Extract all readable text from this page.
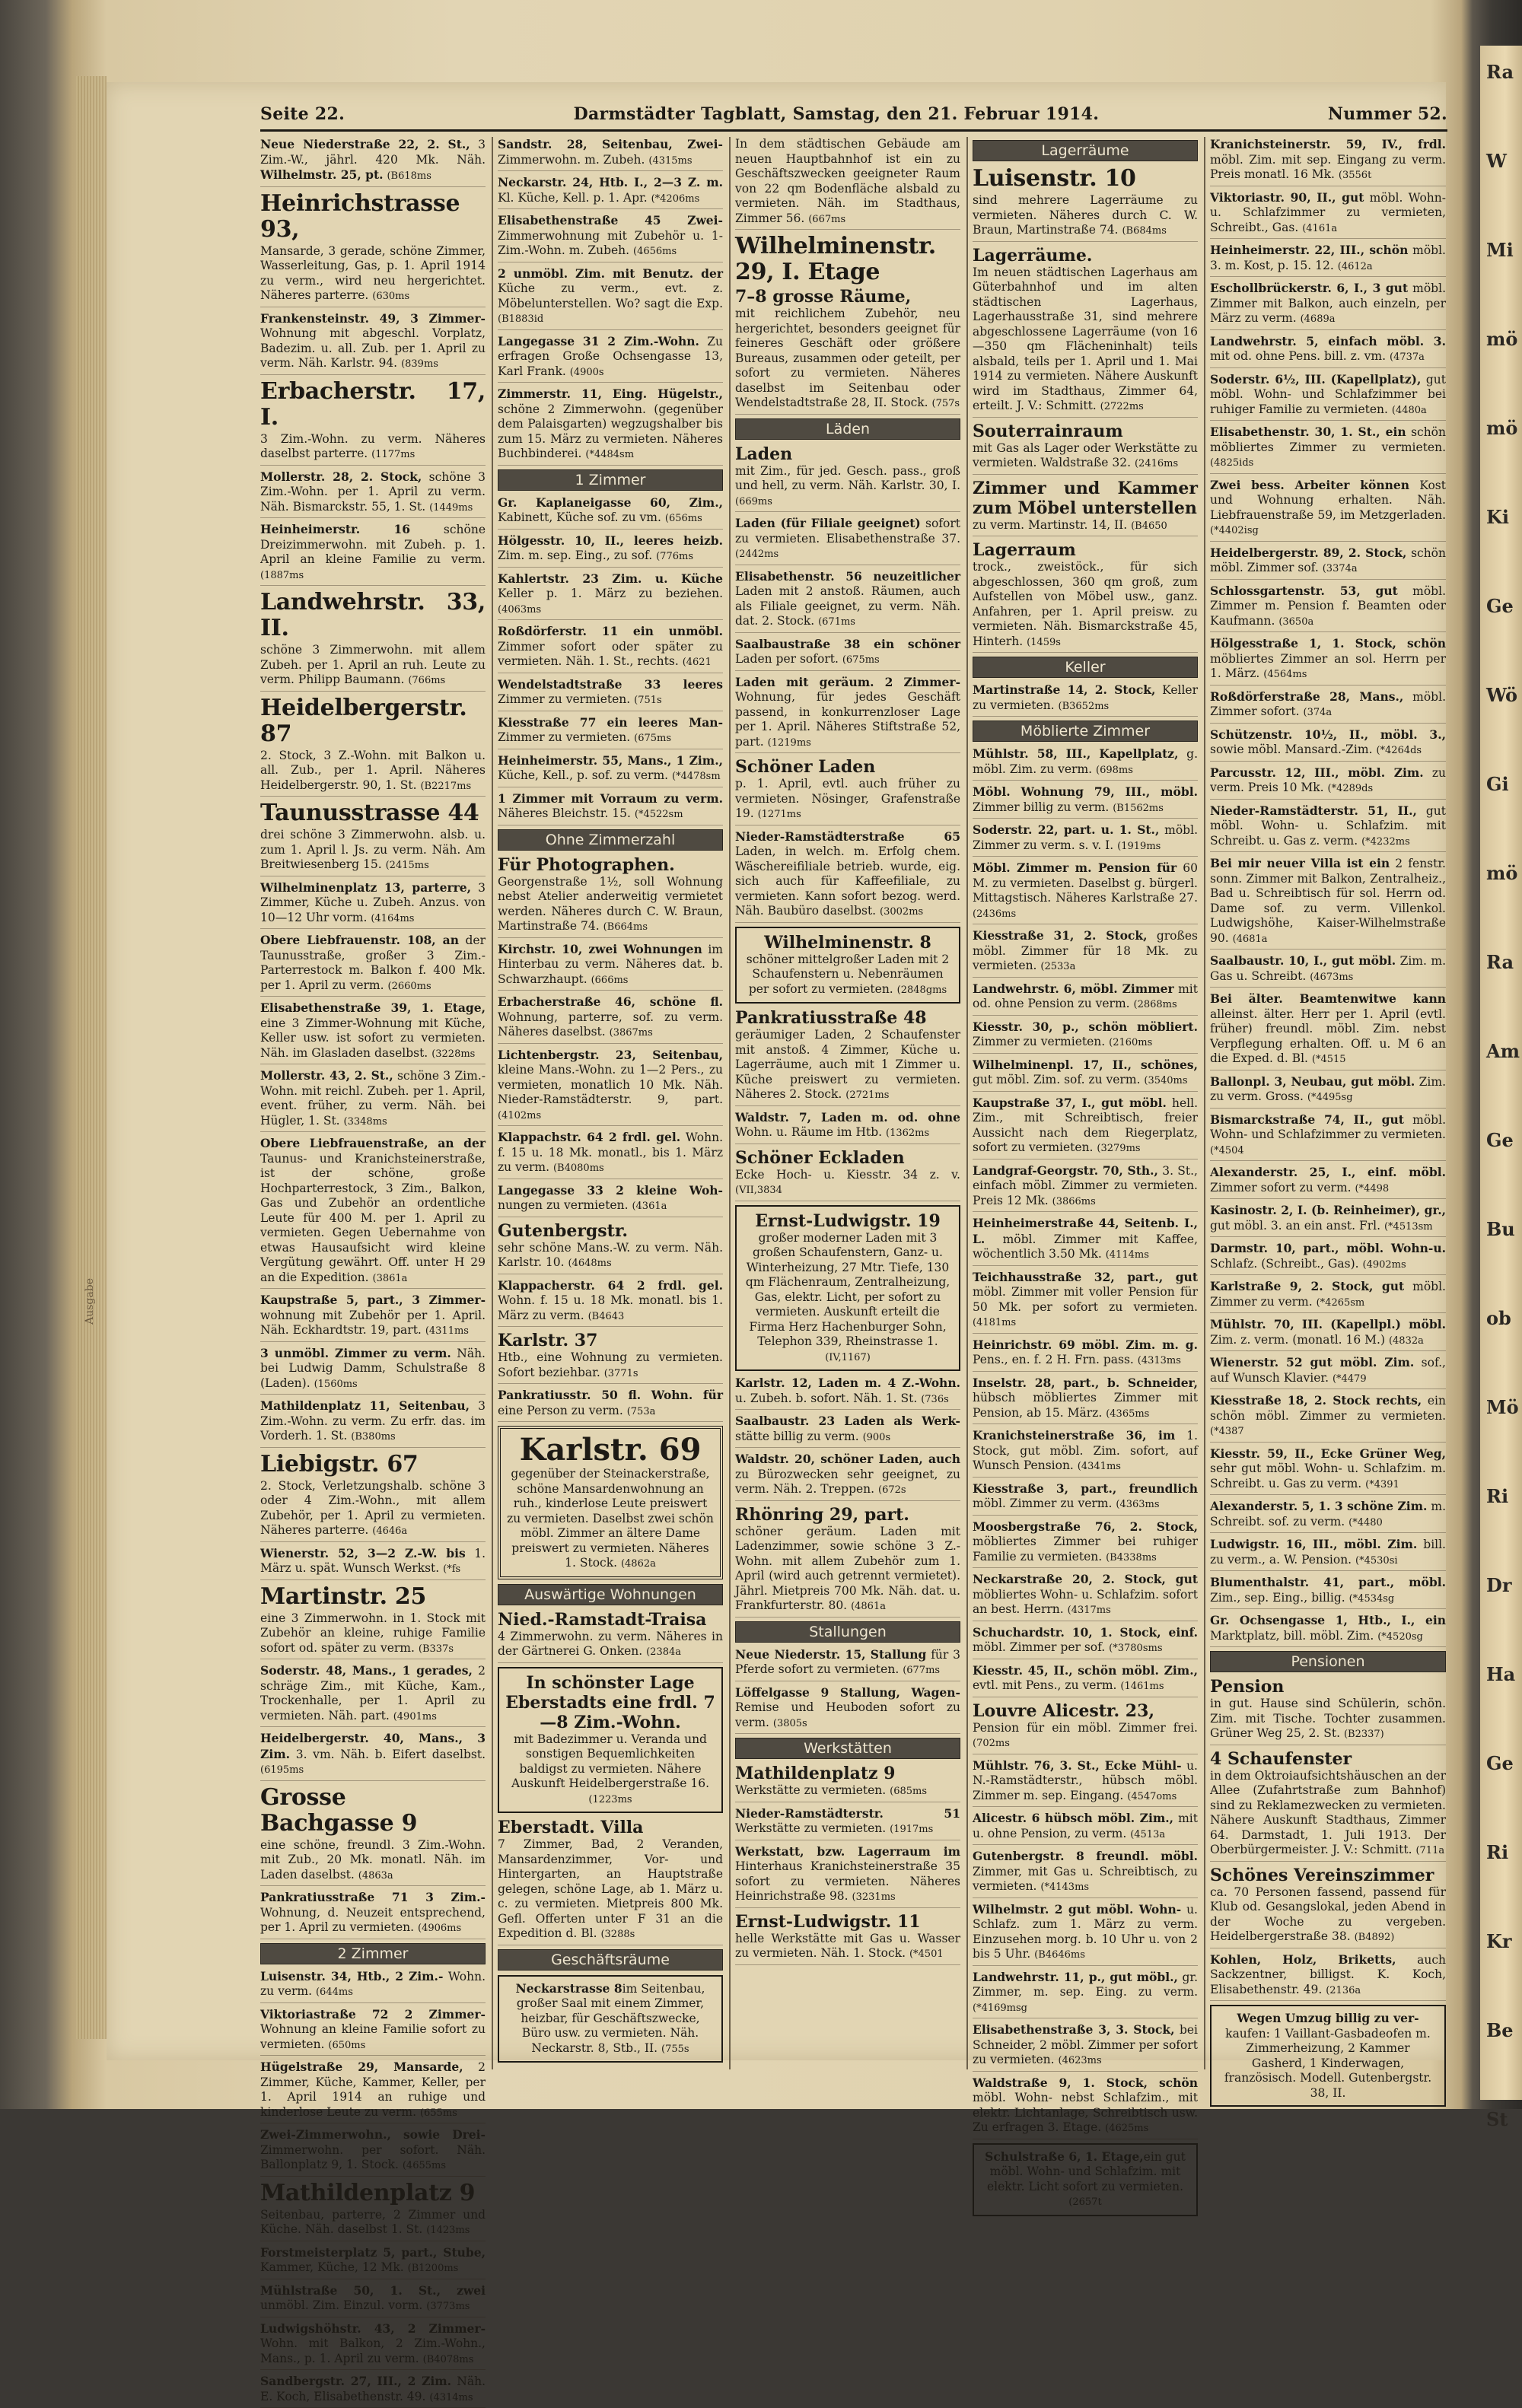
Ra
W
Mi
mö
mö
Ki
Ge
Wö
Gi
mö
Ra
Am
Ge
Bu
ob
Mö
Ri
Dr
Ha
Ge
Ri
Kr
Be
St
Seite 22.	Darmstädter Tagblatt, Samstag, den 21. Februar 1914.	Nummer 52.
Neue Niederstraße 22, 2. St., 3 Zim.-W., jährl. 420 Mk. Näh. Wilhelmstr. 25, pt. (B618ms
Heinrichstrasse 93,
Mansarde, 3 gerade, schöne Zimmer, Wasserleitung, Gas, p. 1. April 1914 zu verm., wird neu hergerichtet. Näheres parterre. (630ms
Frankensteinstr. 49, 3 Zimmer- Wohnung mit abgeschl. Vorplatz, Badezim. u. all. Zub. per 1. April zu verm. Näh. Karlstr. 94. (839ms
Erbacherstr. 17, I.
3 Zim.-Wohn. zu verm. Näheres daselbst parterre. (1177ms
Mollerstr. 28, 2. Stock, schöne 3 Zim.-Wohn. per 1. April zu verm. Näh. Bismarckstr. 55, 1. St. (1449ms
Heinheimerstr. 16	schöne Dreizimmerwohn. mit Zubeh. p. 1. April an kleine Familie zu verm. (1887ms
Landwehrstr. 33, II.
schöne 3 Zimmerwohn. mit allem Zubeh. per 1. April an ruh. Leute zu verm. Philipp Baumann. (766ms
Heidelbergerstr. 87
2. Stock, 3 Z.-Wohn. mit Balkon u. all. Zub., per 1. April. Näheres Heidelbergerstr. 90, 1. St. (B2217ms
Taunusstrasse 44
drei schöne 3 Zimmerwohn. alsb. u. zum 1. April l. Js. zu verm. Näh. Am Breitwiesenberg 15. (2415ms
Wilhelminenplatz 13, parterre, 3 Zimmer, Küche u. Zubeh. Anzus. von 10—12 Uhr vorm. (4164ms
Obere Liebfrauenstr. 108, an der Taunusstraße, großer 3 Zim.-Parterrestock m. Balkon f. 400 Mk. per 1. April zu verm. (2660ms
Elisabethenstraße 39, 1. Etage, eine 3 Zimmer-Wohnung mit Küche, Keller usw. ist sofort zu vermieten. Näh. im Glasladen daselbst. (3228ms
Mollerstr. 43, 2. St., schöne 3 Zim.-Wohn. mit reichl. Zubeh. per 1. April, event. früher, zu verm. Näh. bei Hügler, 1. St. (3348ms
Obere Liebfrauenstraße, an der Taunus- und Kranichsteinerstraße, ist der schöne, große Hochparterrestock, 3 Zim., Balkon, Gas und Zubehör an ordentliche Leute für 400 M. per 1. April zu vermieten. Gegen Uebernahme von etwas Hausaufsicht wird kleine Vergütung gewährt. Off. unter H 29 an die Expedition. (3861a
Kaupstraße 5, part., 3 Zimmer- wohnung mit Zubehör per 1. April. Näh. Eckhardtstr. 19, part. (4311ms
3 unmöbl. Zimmer zu verm. Näh. bei Ludwig Damm, Schulstraße 8 (Laden). (1560ms
Mathildenplatz 11, Seitenbau, 3 Zim.-Wohn. zu verm. Zu erfr. das. im Vorderh. 1. St. (B380ms
Liebigstr. 67
2. Stock, Verletzungshalb. schöne 3 oder 4 Zim.-Wohn., mit allem Zubehör, per 1. April zu vermieten. Näheres parterre. (4646a
Wienerstr. 52, 3—2 Z.-W. bis 1. März u. spät. Wunsch Werkst. (*fs
Martinstr. 25
eine 3 Zimmerwohn. in 1. Stock mit Zubehör an kleine, ruhige Familie sofort od. später zu verm. (B337s
Soderstr. 48, Mans., 1 gerades, 2 schräge Zim., mit Küche, Kam., Trockenhalle, per 1. April zu vermieten. Näh. part. (4901ms
Heidelbergerstr. 40, Mans., 3 Zim. 3. vm. Näh. b. Eifert daselbst. (6195ms
Grosse Bachgasse 9
eine schöne, freundl. 3 Zim.-Wohn. mit Zub., 20 Mk. monatl. Näh. im Laden daselbst. (4863a
Pankratiusstraße 71 3 Zim.- Wohnung, d. Neuzeit entsprechend, per 1. April zu vermieten. (4906ms
2 Zimmer
Luisenstr. 34, Htb., 2 Zim.- Wohn. zu verm. (644ms
Viktoriastraße 72 2 Zimmer- Wohnung an kleine Familie sofort zu vermieten. (650ms
Hügelstraße 29, Mansarde, 2 Zimmer, Küche, Kammer, Keller, per 1. April 1914 an ruhige und kinderlose Leute zu verm. (655ms
Zwei-Zimmerwohn., sowie Drei- Zimmerwohn. per sofort. Näh. Ballonplatz 9, 1. Stock. (4655ms
Mathildenplatz 9
Seitenbau, parterre, 2 Zimmer und Küche. Näh. daselbst 1. St. (1423ms
Forstmeisterplatz 5, part., Stube, Kammer, Küche, 12 Mk. (B1200ms
Mühlstraße 50, 1. St., zwei unmöbl. Zim. Einzul. vorm. (3773ms
Ludwigshöhstr. 43, 2 Zimmer- Wohn. mit Balkon, 2 Zim.-Wohn., Mans., p. 1. April zu verm. (B4078ms
Sandbergstr. 27, III., 2 Zim. Näh. E. Koch, Elisabethenstr. 49. (4314ms
Sandstr. 28, Seitenbau, Zwei- Zimmerwohn. m. Zubeh. (4315ms
Neckarstr. 24, Htb. I., 2—3 Z. m. Kl. Küche, Kell. p. 1. Apr. (*4206ms
Elisabethenstraße 45 Zwei- Zimmerwohnung mit Zubehör u. 1-Zim.-Wohn. m. Zubeh. (4656ms
2 unmöbl. Zim. mit Benutz. der Küche zu verm., evt. z. Möbelunterstellen. Wo? sagt die Exp. (B1883id
Langegasse 31 2 Zim.-Wohn. Zu erfragen Große Ochsengasse 13, Karl Frank. (4900s
Zimmerstr. 11, Eing. Hügelstr., schöne 2 Zimmerwohn. (gegenüber dem Palaisgarten) wegzugshalber bis zum 15. März zu vermieten. Näheres Buchbinderei. (*4484sm
1 Zimmer
Gr. Kaplaneigasse 60, Zim., Kabinett, Küche sof. zu vm. (656ms
Hölgesstr. 10, II., leeres heizb. Zim. m. sep. Eing., zu sof. (776ms
Kahlertstr. 23 Zim. u. Küche Keller p. 1. März zu beziehen. (4063ms
Roßdörferstr. 11 ein unmöbl. Zimmer sofort oder später zu vermieten. Näh. 1. St., rechts. (4621
Wendelstadtstraße 33 leeres Zimmer zu vermieten. (751s
Kiesstraße 77 ein leeres Man- Zimmer zu vermieten. (675ms
Heinheimerstr. 55, Mans., 1 Zim., Küche, Kell., p. sof. zu verm. (*4478sm
1 Zimmer mit Vorraum zu verm. Näheres Bleichstr. 15. (*4522sm
Ohne Zimmerzahl
Für Photographen.
Georgenstraße 1½, soll Wohnung nebst Atelier anderweitig vermietet werden. Näheres durch C. W. Braun, Martinstraße 74. (B664ms
Kirchstr. 10, zwei Wohnungen im Hinterbau zu verm. Näheres dat. b. Schwarzhaupt. (666ms
Erbacherstraße 46, schöne fl. Wohnung, parterre, sof. zu verm. Näheres daselbst. (3867ms
Lichtenbergstr. 23, Seitenbau, kleine Mans.-Wohn. zu 1—2 Pers., zu vermieten, monatlich 10 Mk. Näh. Nieder-Ramstädterstr. 9, part. (4102ms
Klappachstr. 64 2 frdl. gel. Wohn. f. 15 u. 18 Mk. monatl., bis 1. März zu verm. (B4080ms
Langegasse 33 2 kleine Woh- nungen zu vermieten. (4361a
Gutenbergstr.
sehr schöne Mans.-W. zu verm. Näh. Karlstr. 10. (4648ms
Klappacherstr. 64 2 frdl. gel. Wohn. f. 15 u. 18 Mk. monatl. bis 1. März zu verm. (B4643
Karlstr. 37
Htb., eine Wohnung zu vermieten. Sofort beziehbar. (3771s
Pankratiusstr. 50 fl. Wohn. für eine Person zu verm. (753a
Karlstr. 69
gegenüber der Steinackerstraße, schöne Mansardenwohnung an ruh., kinderlose Leute preiswert zu vermieten. Daselbst zwei schön möbl. Zimmer an ältere Dame preiswert zu vermieten. Näheres 1. Stock. (4862a
Auswärtige Wohnungen
Nied.-Ramstadt-Traisa
4 Zimmerwohn. zu verm. Näheres in der Gärtnerei G. Onken. (2384a
In schönster Lage Eberstadts eine frdl. 7—8 Zim.-Wohn.
mit Badezimmer u. Veranda und sonstigen Bequemlichkeiten baldigst zu vermieten. Nähere Auskunft Heidelbergerstraße 16. (1223ms
Eberstadt. Villa
7 Zimmer, Bad, 2 Veranden, Mansardenzimmer, Vor- und Hintergarten, an Hauptstraße gelegen, schöne Lage, ab 1. März u. c. zu vermieten. Mietpreis 800 Mk. Gefl. Offerten unter F 31 an die Expedition d. Bl. (3288s
Geschäftsräume
Neckarstrasse 8im Seitenbau, großer Saal mit einem Zimmer, heizbar, für Geschäftszwecke, Büro usw. zu vermieten. Näh. Neckarstr. 8, Stb., II. (755s
In dem städtischen Gebäude am neuen Hauptbahnhof ist ein zu Geschäftszwecken geeigneter Raum von 22 qm Bodenfläche alsbald zu vermieten. Näh. im Stadthaus, Zimmer 56. (667ms
Wilhelminenstr. 29, I. Etage
7–8 grosse Räume,
mit reichlichem Zubehör, neu hergerichtet, besonders geeignet für feineres Geschäft oder größere Bureaus, zusammen oder geteilt, per sofort zu vermieten. Näheres daselbst im Seitenbau oder Wendelstadtstraße 28, II. Stock. (757s
Läden
Laden
mit Zim., für jed. Gesch. pass., groß und hell, zu verm. Näh. Karlstr. 30, I. (669ms
Laden (für Filiale geeignet) sofort zu vermieten. Elisabethenstraße 37. (2442ms
Elisabethenstr. 56 neuzeitlicher Laden mit 2 anstoß. Räumen, auch als Filiale geeignet, zu verm. Näh. dat. 2. Stock. (671ms
Saalbaustraße 38 ein schöner Laden per sofort. (675ms
Laden mit geräum. 2 Zimmer- Wohnung, für jedes Geschäft passend, in konkurrenzloser Lage per 1. April. Näheres Stiftstraße 52, part. (1219ms
Schöner Laden
p. 1. April, evtl. auch früher zu vermieten. Nösinger, Grafenstraße 19. (1271ms
Nieder-Ramstädterstraße 65 Laden, in welch. m. Erfolg chem. Wäschereifiliale betrieb. wurde, eig. sich auch für Kaffeefiliale, zu vermieten. Kann sofort bezog. werd. Näh. Baubüro daselbst. (3002ms
Wilhelminenstr. 8
schöner mittelgroßer Laden mit 2 Schaufenstern u. Nebenräumen per sofort zu vermieten. (2848gms
Pankratiusstraße 48
geräumiger Laden, 2 Schaufenster mit anstoß. 4 Zimmer, Küche u. Lagerräume, auch mit 1 Zimmer u. Küche preiswert zu vermieten. Näheres 2. Stock. (2721ms
Waldstr. 7, Laden m. od. ohne Wohn. u. Räume im Htb. (1362ms
Schöner Eckladen
Ecke Hoch- u. Kiesstr. 34 z. v. (VII,3834
Ernst-Ludwigstr. 19
großer moderner Laden mit 3 großen Schaufenstern, Ganz- u. Winterheizung, 27 Mtr. Tiefe, 130 qm Flächenraum, Zentralheizung, Gas, elektr. Licht, per sofort zu vermieten. Auskunft erteilt die Firma Herz Hachenburger Sohn, Telephon 339, Rheinstrasse 1. (IV,1167)
Karlstr. 12, Laden m. 4 Z.-Wohn. u. Zubeh. b. sofort. Näh. 1. St. (736s
Saalbaustr. 23 Laden als Werk- stätte billig zu verm. (900s
Waldstr. 20, schöner Laden, auch zu Bürozwecken sehr geeignet, zu verm. Näh. 2. Treppen. (672s
Rhönring 29, part.
schöner geräum. Laden mit Ladenzimmer, sowie schöne 3 Z.-Wohn. mit allem Zubehör zum 1. April (wird auch getrennt vermietet). Jährl. Mietpreis 700 Mk. Näh. dat. u. Frankfurterstr. 80. (4861a
Stallungen
Neue Niederstr. 15, Stallung für 3 Pferde sofort zu vermieten. (677ms
Löffelgasse 9 Stallung, Wagen- Remise und Heuboden sofort zu verm. (3805s
Werkstätten
Mathildenplatz 9
Werkstätte zu vermieten. (685ms
Nieder-Ramstädterstr. 51 Werkstätte zu vermieten. (1917ms
Werkstatt, bzw. Lagerraum im Hinterhaus Kranichsteinerstraße 35 sofort zu vermieten. Näheres Heinrichstraße 98. (3231ms
Ernst-Ludwigstr. 11
helle Werkstätte mit Gas u. Wasser zu vermieten. Näh. 1. Stock. (*4501
Lagerräume
Luisenstr. 10
sind mehrere Lagerräume zu vermieten. Näheres durch C. W. Braun, Martinstraße 74. (B684ms
Lagerräume.
Im neuen städtischen Lagerhaus am Güterbahnhof und im alten städtischen Lagerhaus, Lagerhausstraße 31, sind mehrere abgeschlossene Lagerräume (von 16—350 qm Flächeninhalt) teils alsbald, teils per 1. April und 1. Mai 1914 zu vermieten. Nähere Auskunft wird im Stadthaus, Zimmer 64, erteilt. J. V.: Schmitt. (2722ms
Souterrainraum
mit Gas als Lager oder Werkstätte zu vermieten. Waldstraße 32. (2416ms
Zimmer und Kammer zum Möbel unterstellen
zu verm. Martinstr. 14, II. (B4650
Lagerraum
trock., zweistöck., für sich abgeschlossen, 360 qm groß, zum Aufstellen von Möbel usw., ganz. Anfahren, per 1. April preisw. zu vermieten. Näh. Bismarckstraße 45, Hinterh. (1459s
Keller
Martinstraße 14, 2. Stock, Keller zu vermieten. (B3652ms
Möblierte Zimmer
Mühlstr. 58, III., Kapellplatz, g. möbl. Zim. zu verm. (698ms
Möbl. Wohnung 79, III., möbl. Zimmer billig zu verm. (B1562ms
Soderstr. 22, part. u. 1. St., möbl. Zimmer zu verm. s. v. I. (1919ms
Möbl. Zimmer m. Pension für 60 M. zu vermieten. Daselbst g. bürgerl. Mittagstisch. Näheres Karlstraße 27. (2436ms
Kiesstraße 31, 2. Stock, großes möbl. Zimmer für 18 Mk. zu vermieten. (2533a
Landwehrstr. 6, möbl. Zimmer mit od. ohne Pension zu verm. (2868ms
Kiesstr. 30, p., schön möbliert. Zimmer zu vermieten. (2160ms
Wilhelminenpl. 17, II., schönes, gut möbl. Zim. sof. zu verm. (3540ms
Kaupstraße 37, I., gut möbl. hell. Zim., mit Schreibtisch, freier Aussicht nach dem Riegerplatz, sofort zu vermieten. (3279ms
Landgraf-Georgstr. 70, Sth., 3. St., einfach möbl. Zimmer zu vermieten. Preis 12 Mk. (3866ms
Heinheimerstraße 44, Seitenb. I., L. möbl. Zimmer mit Kaffee, wöchentlich 3.50 Mk. (4114ms
Teichhausstraße 32, part., gut möbl. Zimmer mit voller Pension für 50 Mk. per sofort zu vermieten. (4181ms
Heinrichstr. 69 möbl. Zim. m. g. Pens., en. f. 2 H. Frn. pass. (4313ms
Inselstr. 28, part., b. Schneider, hübsch möbliertes Zimmer mit Pension, ab 15. März. (4365ms
Kranichsteinerstraße 36, im 1. Stock, gut möbl. Zim. sofort, auf Wunsch Pension. (4341ms
Kiesstraße 3, part., freundlich möbl. Zimmer zu verm. (4363ms
Moosbergstraße 76, 2. Stock, möbliertes Zimmer bei ruhiger Familie zu vermieten. (B4338ms
Neckarstraße 20, 2. Stock, gut möbliertes Wohn- u. Schlafzim. sofort an best. Herrn. (4317ms
Schuchardstr. 10, 1. Stock, einf. möbl. Zimmer per sof. (*3780sms
Kiesstr. 45, II., schön möbl. Zim., evtl. mit Pens., zu verm. (1461ms
Louvre Alicestr. 23,
Pension für ein möbl. Zimmer frei. (702ms
Mühlstr. 76, 3. St., Ecke Mühl- u. N.-Ramstädterstr., hübsch möbl. Zimmer m. sep. Eingang. (4547oms
Alicestr. 6 hübsch möbl. Zim., mit u. ohne Pension, zu verm. (4513a
Gutenbergstr. 8 freundl. möbl. Zimmer, mit Gas u. Schreibtisch, zu vermieten. (*4143ms
Wilhelmstr. 2 gut möbl. Wohn- u. Schlafz. zum 1. März zu verm. Einzusehen morg. b. 10 Uhr u. von 2 bis 5 Uhr. (B4646ms
Landwehrstr. 11, p., gut möbl., gr. Zimmer, m. sep. Eing. zu verm. (*4169msg
Elisabethenstraße 3, 3. Stock, bei Schneider, 2 möbl. Zimmer per sofort zu vermieten. (4623ms
Waldstraße 9, 1. Stock, schön möbl. Wohn- nebst Schlafzim., mit elektr. Lichtanlage, Schreibtisch usw. Zu erfragen 3. Etage. (4625ms
Schulstraße 6, 1. Etage,ein gut möbl. Wohn- und Schlafzim. mit elektr. Licht sofort zu vermieten. (2657t
Kranichsteinerstr. 59, IV., frdl. möbl. Zim. mit sep. Eingang zu verm. Preis monatl. 16 Mk. (3556t
Viktoriastr. 90, II., gut möbl. Wohn- u. Schlafzimmer zu vermieten, Schreibt., Gas. (4161a
Heinheimerstr. 22, III., schön möbl. 3. m. Kost, p. 15. 12. (4612a
Eschollbrückerstr. 6, I., 3 gut möbl. Zimmer mit Balkon, auch einzeln, per März zu verm. (4689a
Landwehrstr. 5, einfach möbl. 3. mit od. ohne Pens. bill. z. vm. (4737a
Soderstr. 6½, III. (Kapellplatz), gut möbl. Wohn- und Schlafzimmer bei ruhiger Familie zu vermieten. (4480a
Elisabethenstr. 30, 1. St., ein schön möbliertes Zimmer zu vermieten. (4825ids
Zwei bess. Arbeiter können Kost und Wohnung erhalten. Näh. Liebfrauenstraße 59, im Metzgerladen. (*4402isg
Heidelbergerstr. 89, 2. Stock, schön möbl. Zimmer sof. (3374a
Schlossgartenstr. 53, gut möbl. Zimmer m. Pension f. Beamten oder Kaufmann. (3650a
Hölgesstraße 1, 1. Stock, schön möbliertes Zimmer an sol. Herrn per 1. März. (4564ms
Roßdörferstraße 28, Mans., möbl. Zimmer sofort. (374a
Schützenstr. 10½, II., möbl. 3., sowie möbl. Mansard.-Zim. (*4264ds
Parcusstr. 12, III., möbl. Zim. zu verm. Preis 10 Mk. (*4289ds
Nieder-Ramstädterstr. 51, II., gut möbl. Wohn- u. Schlafzim. mit Schreibt. u. Gas z. verm. (*4232ms
Bei mir neuer Villa ist ein 2 fenstr. sonn. Zimmer mit Balkon, Zentralheiz., Bad u. Schreibtisch für sol. Herrn od. Dame sof. zu verm. Villenkol. Ludwigshöhe, Kaiser-Wilhelmstraße 90. (4681a
Saalbaustr. 10, I., gut möbl. Zim. m. Gas u. Schreibt. (4673ms
Bei älter. Beamtenwitwe kann alleinst. älter. Herr per 1. April (evtl. früher) freundl. möbl. Zim. nebst Verpflegung erhalten. Off. u. M 6 an die Exped. d. Bl. (*4515
Ballonpl. 3, Neubau, gut möbl. Zim. zu verm. Gross. (*4495sg
Bismarckstraße 74, II., gut möbl. Wohn- und Schlafzimmer zu vermieten. (*4504
Alexanderstr. 25, I., einf. möbl. Zimmer sofort zu verm. (*4498
Kasinostr. 2, I. (b. Reinheimer), gr., gut möbl. 3. an ein anst. Frl. (*4513sm
Darmstr. 10, part., möbl. Wohn-u. Schlafz. (Schreibt., Gas). (4902ms
Karlstraße 9, 2. Stock, gut möbl. Zimmer zu verm. (*4265sm
Mühlstr. 70, III. (Kapellpl.) möbl. Zim. z. verm. (monatl. 16 M.) (4832a
Wienerstr. 52 gut möbl. Zim. sof., auf Wunsch Klavier. (*4479
Kiesstraße 18, 2. Stock rechts, ein schön möbl. Zimmer zu vermieten. (*4387
Kiesstr. 59, II., Ecke Grüner Weg, sehr gut möbl. Wohn- u. Schlafzim. m. Schreibt. u. Gas zu verm. (*4391
Alexanderstr. 5, 1. 3 schöne Zim. m. Schreibt. sof. zu verm. (*4480
Ludwigstr. 16, III., möbl. Zim. bill. zu verm., a. W. Pension. (*4530si
Blumenthalstr. 41, part., möbl. Zim., sep. Eing., billig. (*4534sg
Gr. Ochsengasse 1, Htb., I., ein Marktplatz, bill. möbl. Zim. (*4520sg
Pensionen
Pension
in gut. Hause sind Schülerin, schön. Zim. mit Tische. Tochter zusammen. Grüner Weg 25, 2. St. (B2337)
4 Schaufenster
in dem Oktroiaufsichtshäuschen an der Allee (Zufahrtstraße zum Bahnhof) sind zu Reklamezwecken zu vermieten. Nähere Auskunft Stadthaus, Zimmer 64. Darmstadt, 1. Juli 1913. Der Oberbürgermeister. J. V.: Schmitt. (711a
Schönes Vereinszimmer
ca. 70 Personen fassend, passend für Klub od. Gesangslokal, jeden Abend in der Woche zu vergeben. Heidelbergerstraße 38. (B4892)
Kohlen, Holz, Briketts, auch Sackzentner, billigst. K. Koch, Elisabethenstr. 49. (2136a
Wegen Umzug billig zu ver-kaufen: 1 Vaillant-Gasbadeofen m. Zimmerheizung, 2 Kammer Gasherd, 1 Kinderwagen, französisch. Modell. Gutenbergstr. 38, II.
Ausgabe
